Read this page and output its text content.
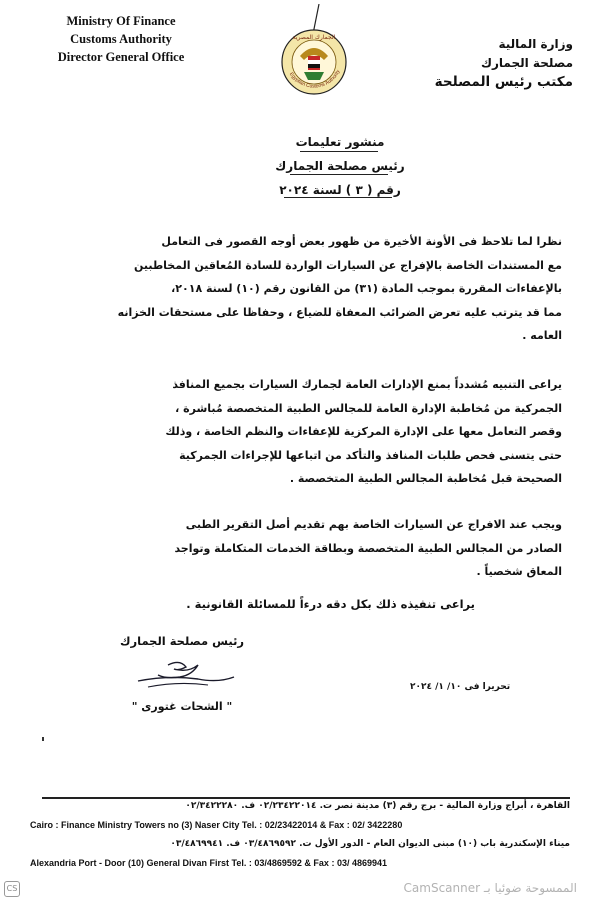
Ministry Of Finance
Customs Authority
Director General Office
Egyptian Customs Authority
الجمارك المصرية	وزارة المالية
مصلحة الجمارك
مكتب رئيس المصلحة
منشور تعليمات
رئيس مصلحة الجمارك
رقم ( ٣ ) لسنة ٢٠٢٤

نظرا لما تلاحظ فى الأونة الأخيرة من ظهور بعض أوجه القصور فى التعامل

مع المستندات الخاصة بالإفراج عن السيارات الواردة للسادة المُعاقين المخاطبين

بالإعفاءات المقررة بموجب المادة (٣١) من القانون رقم (١٠) لسنة ٢٠١٨،

مما قد يترتب عليه تعرض الضرائب المعفاة للضياع ، وحفاظا على مستحقات الخزانه

العامه .

يراعى التنبيه مُشدداً بمنع الإدارات العامة لجمارك السيارات بجميع المنافذ

الجمركية من مُخاطبة الإدارة العامة للمجالس الطبية المتخصصة مُباشرة ،

وقصر التعامل معها على الإدارة المركزية للإعفاءات والنظم الخاصة ، وذلك

حتى يتسنى فحص طلبات المنافذ والتأكد من اتباعها للإجراءات الجمركية

الصحيحة قبل مُخاطبة المجالس الطبية المتخصصة .

ويجب عند الافراج عن السيارات الخاصة بهم تقديم أصل التقرير الطبى

الصادر من المجالس الطبية المتخصصة وبطاقة الخدمات المتكاملة وتواجد

المعاق شخصياً .

يراعى تنفيذه ذلك بكل دقه درءاً للمسائلة القانونية .
رئيس مصلحة الجمارك
" الشحات غتورى "
تحريرا فى ١٠/ ١/ ٢٠٢٤
القاهرة ، أبراج وزارة المالية - برج رقم (٣) مدينة نصر ت. ٠٢/٢٣٤٢٢٠١٤ ف. ٠٢/٣٤٢٢٢٨٠
Cairo : Finance Ministry Towers no (3) Naser City Tel. : 02/23422014 & Fax : 02/ 3422280
ميناء الإسكندرية باب (١٠) مبنى الديوان العام - الدور الأول ت. ٠٣/٤٨٦٩٥٩٢ ف. ٠٣/٤٨٦٩٩٤١
Alexandria Port - Door (10) General Divan First Tel. : 03/4869592 & Fax : 03/ 4869941
CS	الممسوحة ضوئيا بـ CamScanner
